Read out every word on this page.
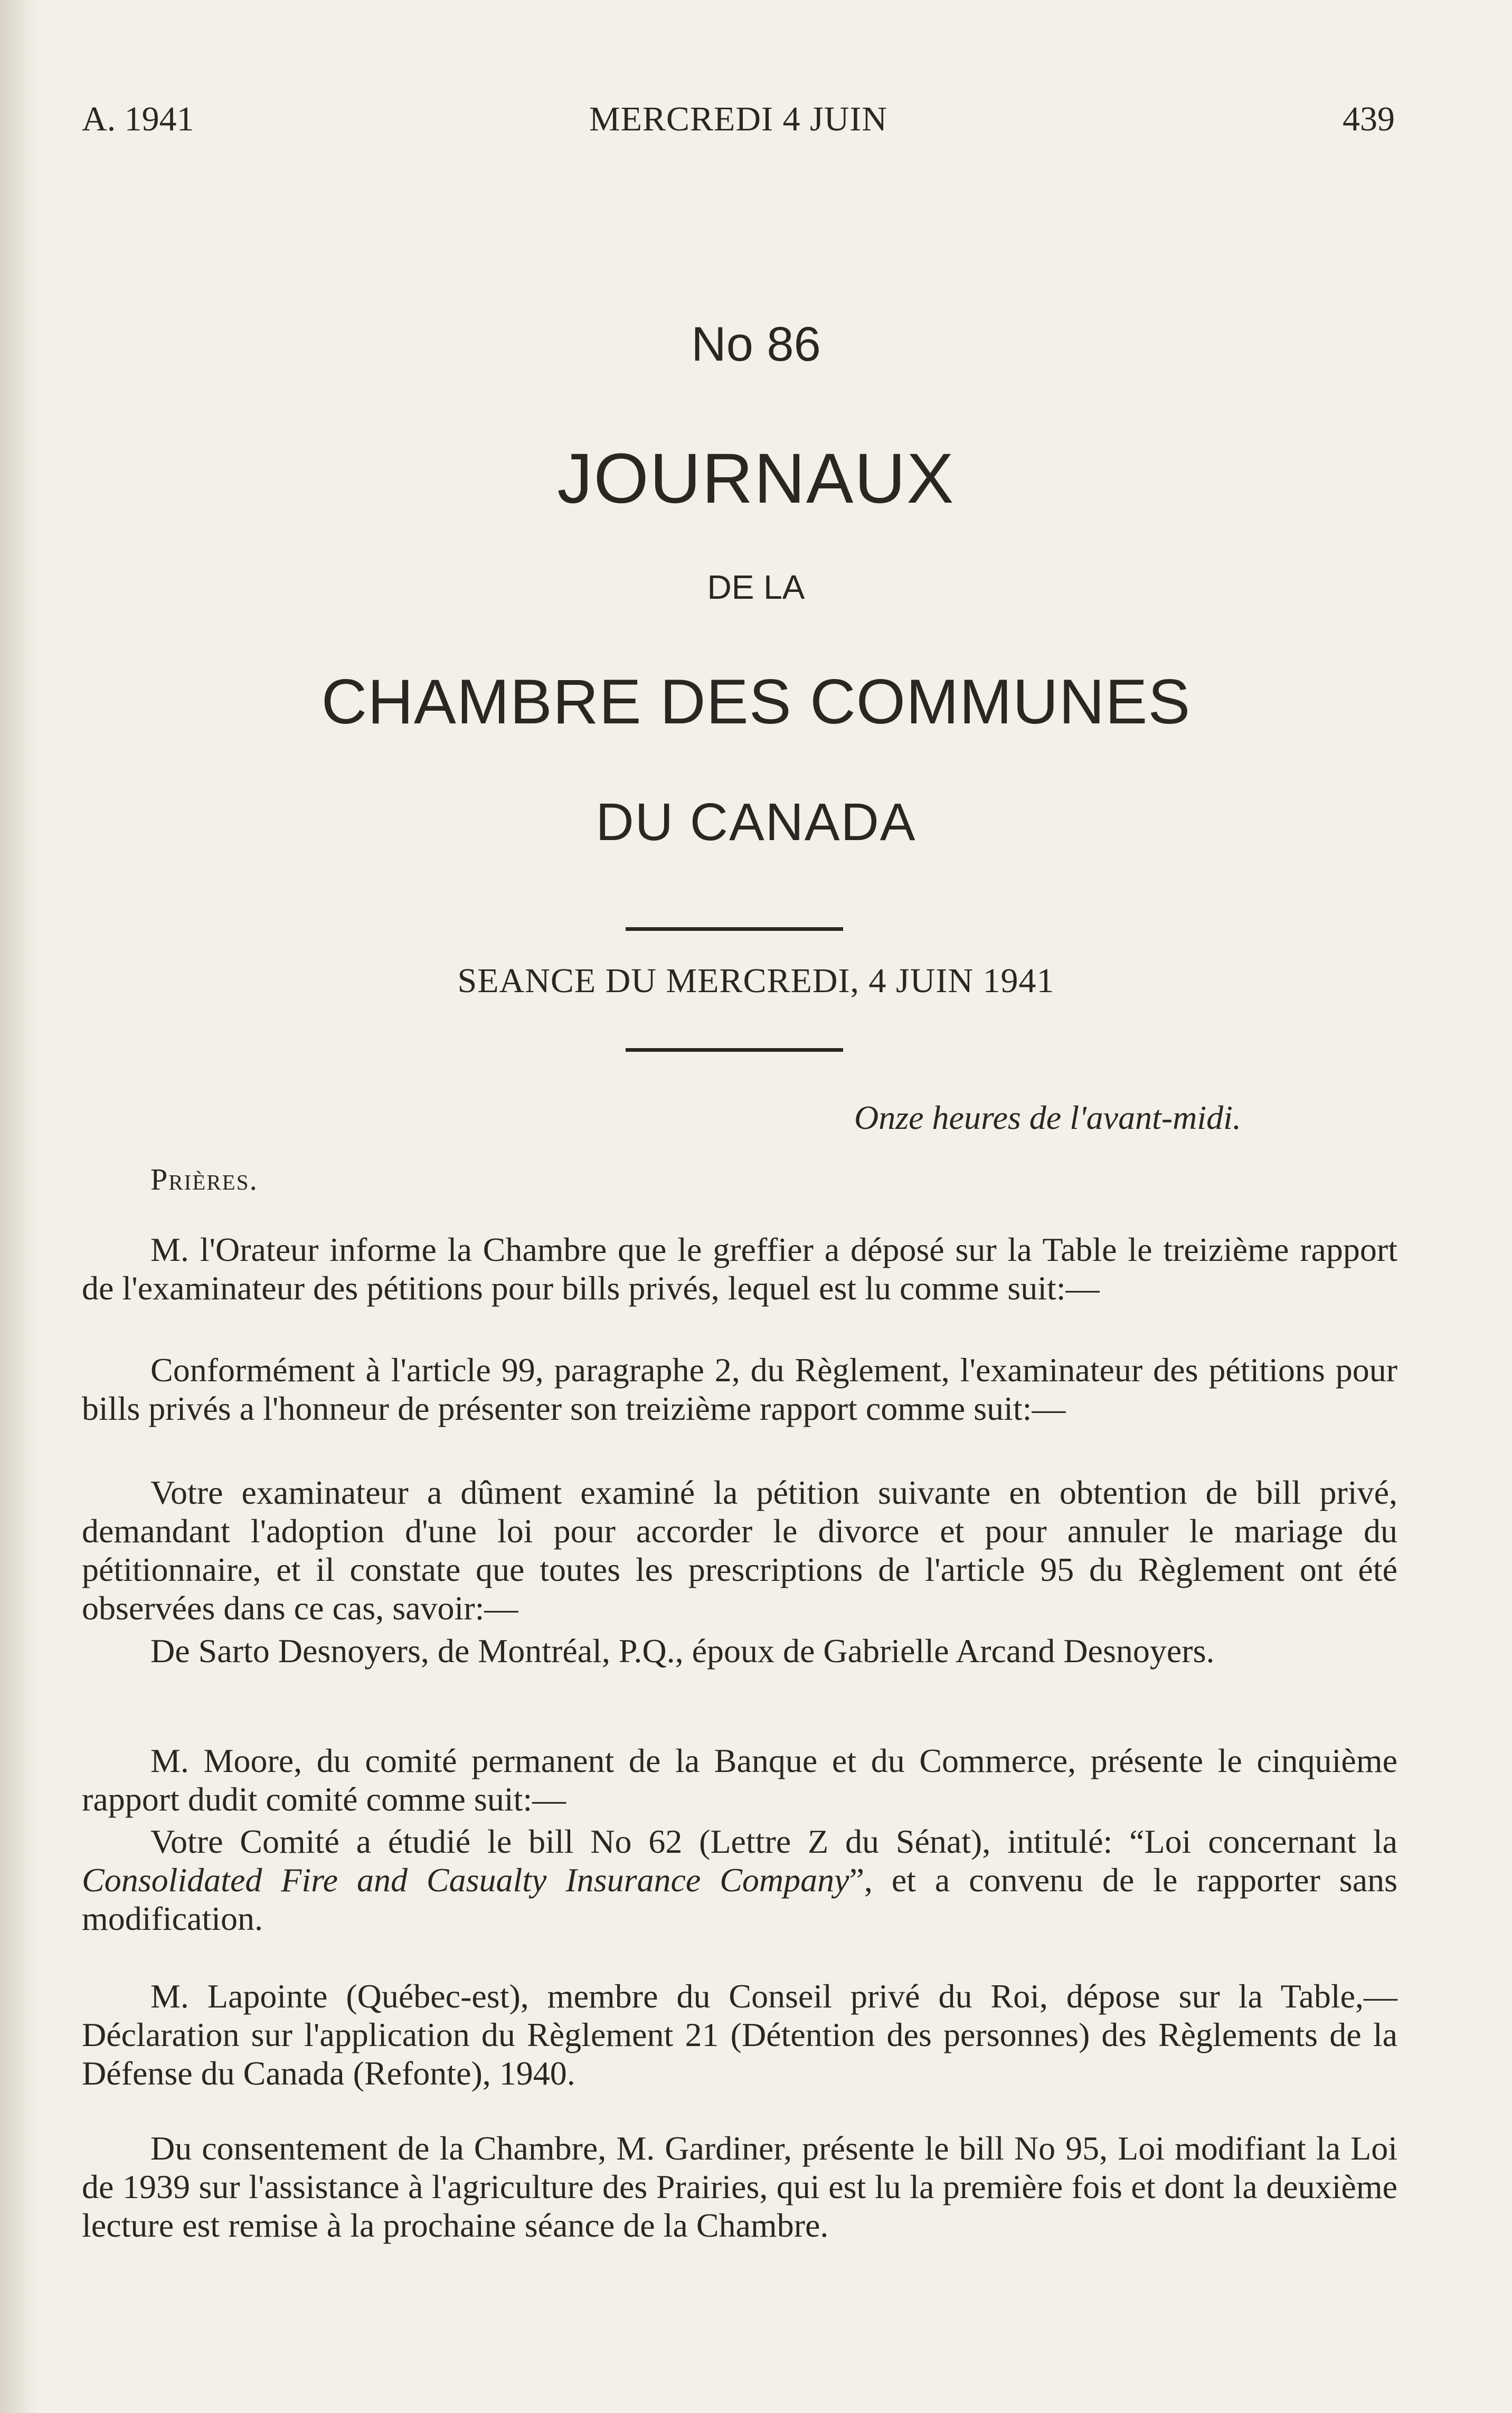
A. 1941	MERCREDI 4 JUIN	439
No 86
JOURNAUX
DE LA
CHAMBRE DES COMMUNES
DU CANADA
SEANCE DU MERCREDI, 4 JUIN 1941
Onze heures de l'avant-midi.
Prières.

M. l'Orateur informe la Chambre que le greffier a déposé sur la Table le treizième rapport de l'examinateur des pétitions pour bills privés, lequel est lu comme suit:—

Conformément à l'article 99, paragraphe 2, du Règlement, l'examinateur des pétitions pour bills privés a l'honneur de présenter son treizième rapport comme suit:—

Votre examinateur a dûment examiné la pétition suivante en obtention de bill privé, demandant l'adoption d'une loi pour accorder le divorce et pour annuler le mariage du pétitionnaire, et il constate que toutes les prescriptions de l'article 95 du Règlement ont été observées dans ce cas, savoir:—

De Sarto Desnoyers, de Montréal, P.Q., époux de Gabrielle Arcand Desnoyers.

M. Moore, du comité permanent de la Banque et du Commerce, présente le cinquième rapport dudit comité comme suit:—

Votre Comité a étudié le bill No 62 (Lettre Z du Sénat), intitulé: “Loi concernant la Consolidated Fire and Casualty Insurance Company”, et a convenu de le rapporter sans modification.

M. Lapointe (Québec-est), membre du Conseil privé du Roi, dépose sur la Table,—Déclaration sur l'application du Règlement 21 (Détention des personnes) des Règlements de la Défense du Canada (Refonte), 1940.

Du consentement de la Chambre, M. Gardiner, présente le bill No 95, Loi modifiant la Loi de 1939 sur l'assistance à l'agriculture des Prairies, qui est lu la première fois et dont la deuxième lecture est remise à la prochaine séance de la Chambre.
